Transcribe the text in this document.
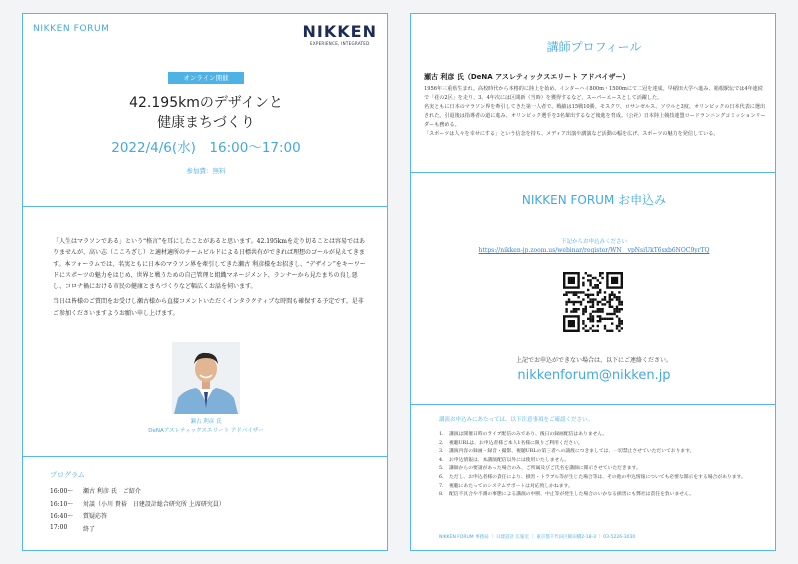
NIKKEN FORUM	NIKKEN
EXPERIENCE, INTEGRATED
オンライン開催
42.195kmのデザインと
健康まちづくり
2022/4/6(水)　16:00〜17:00
参加費：無料

「人生はマラソンである」という“格言”を耳にしたことがあると思います。42.195kmを走り切ることは容易ではありませんが、高い志（こころざし）と適材適所のチームビルドによる日標共有ができれば理想のゴールが見えてきます。本フォーラムでは、名実ともに日本のマラソン界を牽引してきた瀬古 利彦様をお招きし、“デザイン”をキーワードにスポーツの魅力をはじめ、世界と戦うための自己管理と組織マネージメント、ランナーから見たまちの良し悪し、コロナ禍における市民の健康とまちづくりなど幅広くお話を伺います。

当日は皆様のご質問をお受けし瀬古様から直接コメントいただくインタラクティブな時間も確保する予定です。是非ご参加くださいますようお願い申し上げます。

瀬古 利彦 氏
DeNAアスレティックスエリート アドバイザー
プログラム
16:00〜	瀬古 利彦 氏　ご紹介
16:10〜	対談（小川 貴裕　日建設計総合研究所 上席研究員）
16:40〜	質疑応答
17:00	終了
講師プロフィール
瀬古 利彦 氏（DeNA アスレティックスエリート アドバイザー）

1956年三重県生まれ。高校時代から本格的に陸上を始め、インターハイ800m・1500mにて二冠を達成。早稲田大学へ進み、箱根駅伝では4年連続で「花の2区」を走り、3、4年次には区間新（当時）を獲得するなど、スーパーエースとして活躍した。

名実ともに日本のマラソン界を牽引してきた第一人者で、戦績は15戦10勝。モスクワ、ロサンゼルス、ソウルと3度、オリンピックの日本代表に選出された。引退後は指導者の道に進み、オリンピック選手を3名輩出するなど後進を育成。（公社）日本陸上競技連盟ロードランニングコミッションリーダーも務める。

「スポーツは人々を幸せにする」という信念を持ち、メディア出演や講演など活動の幅を広げ、スポーツの魅力を発信している。

NIKKEN FORUM お申込み
下記からお申込みください
https://nikken-jp.zoom.us/webinar/register/WN__vpNsiUkT6sxb6NOC9yrTQ
上記でお申込ができない場合は、以下にご連絡ください。
nikkenforum@nikken.jp
講演お申込みにあたっては、以下注意事項をご確認ください。
1.	講演は開催日時のライブ配信のみであり、後日の録画配信はありません。
2.	視聴URLは、お申込者様ご本人1名様に限りご利用ください。
3.	講演内容の録画・録音・撮影、視聴URLの第三者への譲渡につきましては、一切禁止させていただいております。
4.	お申込情報は、本講演配信以外には使用いたしません。
5.	講師からの要請があった場合のみ、ご所属及びご氏名を講師に開示させていただきます。
6.	ただし、お申込者様の責任により、損害・トラブル等が生じた場合等は、その他の申込情報についても必要な開示をする場合があります。
7.	視聴にあたってのシステムサポートは対応致しかねます。
8.	配信不具合や不測の事態による講演の中断、中止等が発生した場合のいかなる損害にも弊社は責任を負いません。
NIKKEN FORUM 事務局 ｜ 日建設計 広報室 ｜ 東京都千代田区飯田橋2-18-3 ｜ 03-5226-3030
